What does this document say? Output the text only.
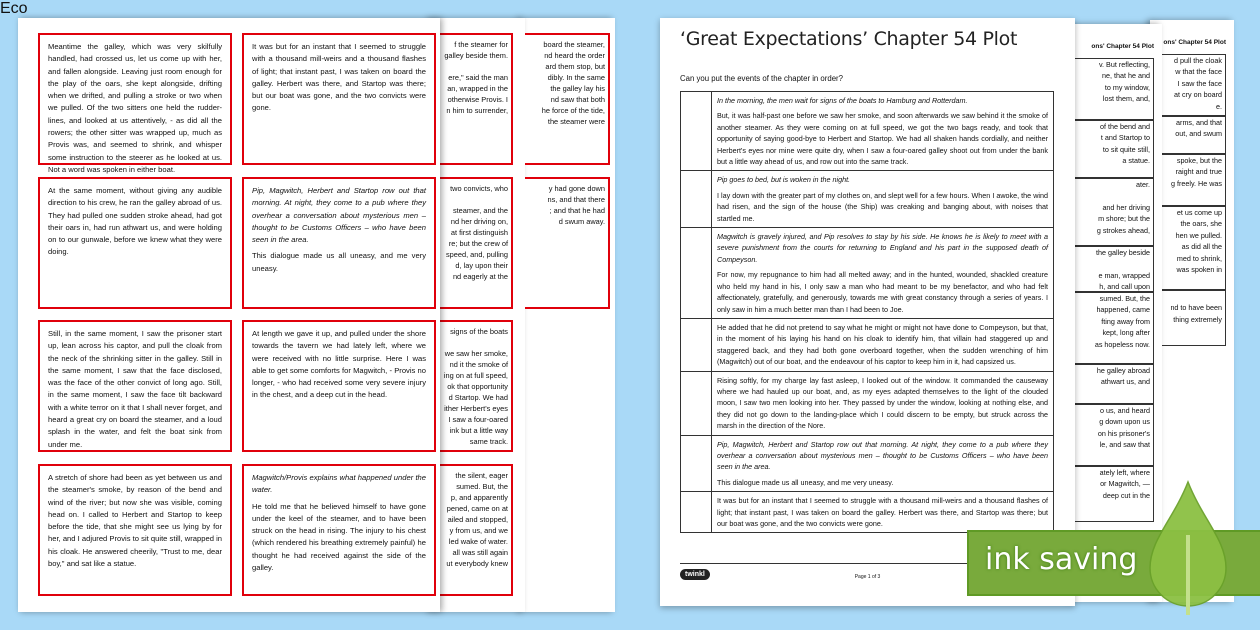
board the steamer,
nd heard the order
ard them stop, but
dibly. In the same
the galley lay his
nd saw that both
he force of the tide,
the steamer were
y had gone down
ns, and that there
; and that he had
d swum away.
f the steamer for
galley beside them.

ere," said the man
an, wrapped in the
otherwise Provis. I
n him to surrender,
two convicts, who

steamer, and the
nd her driving on,
at first distinguish
re; but the crew of
speed, and, pulling
d, lay upon their
nd eagerly at the
signs of the boats

we saw her smoke,
nd it the smoke of
ing on at full speed,
ok that opportunity
d Startop. We had
ither Herbert's eyes
I saw a four-oared
ink but a little way
same track.
the silent, eager
sumed. But, the
p, and apparently
pened, came on at
ailed and stopped,
y from us, and we
led wake of water.
all was still again
ut everybody knew

Meantime the galley, which was very skilfully handled, had crossed us, let us come up with her, and fallen alongside. Leaving just room enough for the play of the oars, she kept alongside, drifting when we drifted, and pulling a stroke or two when we pulled. Of the two sitters one held the rudder-lines, and looked at us attentively, - as did all the rowers; the other sitter was wrapped up, much as Provis was, and seemed to shrink, and whisper some instruction to the steerer as he looked at us. Not a word was spoken in either boat.

It was but for an instant that I seemed to struggle with a thousand mill-weirs and a thousand flashes of light; that instant past, I was taken on board the galley. Herbert was there, and Startop was there; but our boat was gone, and the two convicts were gone.

At the same moment, without giving any audible direction to his crew, he ran the galley abroad of us. They had pulled one sudden stroke ahead, had got their oars in, had run athwart us, and were holding on to our gunwale, before we knew what they were doing.

Pip, Magwitch, Herbert and Startop row out that morning. At night, they come to a pub where they overhear a conversation about mysterious men – thought to be Customs Officers – who have been seen in the area.

This dialogue made us all uneasy, and me very uneasy.

Still, in the same moment, I saw the prisoner start up, lean across his captor, and pull the cloak from the neck of the shrinking sitter in the galley. Still in the same moment, I saw that the face disclosed, was the face of the other convict of long ago. Still, in the same moment, I saw the face tilt backward with a white terror on it that I shall never forget, and heard a great cry on board the steamer, and a loud splash in the water, and felt the boat sink from under me.

At length we gave it up, and pulled under the shore towards the tavern we had lately left, where we were received with no little surprise. Here I was able to get some comforts for Magwitch, - Provis no longer, - who had received some very severe injury in the chest, and a deep cut in the head.

A stretch of shore had been as yet between us and the steamer's smoke, by reason of the bend and wind of the river; but now she was visible, coming head on. I called to Herbert and Startop to keep before the tide, that she might see us lying by for her, and I adjured Provis to sit quite still, wrapped in his cloak. He answered cheerily, "Trust to me, dear boy," and sat like a statue.

Magwitch/Provis explains what happened under the water.

He told me that he believed himself to have gone under the keel of the steamer, and to have been struck on the head in rising. The injury to his chest (which rendered his breathing extremely painful) he thought he had received against the side of the galley.

ons' Chapter 54 Plot
d pull the cloak
w that the face
I saw the face
at cry on board
e.
arms, and that
out, and swum
spoke, but the
raight and true
g freely. He was
et us come up
the oars, she
hen we pulled.
as did all the
med to shrink,
was spoken in

nd to have been
thing extremely
ons' Chapter 54 Plot
v. But reflecting,
ne, that he and
to my window,
lost them, and,
of the bend and
t and Startop to
to sit quite still,
a statue.
ater.

and her driving
m shore; but the
g strokes ahead,
the galley beside

e man, wrapped
h, and call upon
sumed. But, the
happened, came
fting away from
kept, long after
as hopeless now.
he galley abroad
athwart us, and
o us, and heard
g down upon us
on his prisoner's
le, and saw that
ately left, where
or Magwitch, —
deep cut in the
‘Great Expectations’ Chapter 54 Plot
Can you put the events of the chapter in order?

	In the morning, the men wait for signs of the boats to Hamburg and Rotterdam.

But, it was half-past one before we saw her smoke, and soon afterwards we saw behind it the smoke of another steamer. As they were coming on at full speed, we got the two bags ready, and took that opportunity of saying good-bye to Herbert and Startop. We had all shaken hands cordially, and neither Herbert's eyes nor mine were quite dry, when I saw a four-oared galley shoot out from under the bank but a little way ahead of us, and row out into the same track.

	Pip goes to bed, but is woken in the night.

I lay down with the greater part of my clothes on, and slept well for a few hours. When I awoke, the wind had risen, and the sign of the house (the Ship) was creaking and banging about, with noises that startled me.

	Magwitch is gravely injured, and Pip resolves to stay by his side. He knows he is likely to meet with a severe punishment from the courts for returning to England and his part in the supposed death of Compeyson.

For now, my repugnance to him had all melted away; and in the hunted, wounded, shackled creature who held my hand in his, I only saw a man who had meant to be my benefactor, and who had felt affectionately, gratefully, and generously, towards me with great constancy through a series of years. I only saw in him a much better man than I had been to Joe.

	He added that he did not pretend to say what he might or might not have done to Compeyson, but that, in the moment of his laying his hand on his cloak to identify him, that villain had staggered up and staggered back, and they had both gone overboard together, when the sudden wrenching of him (Magwitch) out of our boat, and the endeavour of his captor to keep him in it, had capsized us.

	Rising softly, for my charge lay fast asleep, I looked out of the window. It commanded the causeway where we had hauled up our boat, and, as my eyes adapted themselves to the light of the clouded moon, I saw two men looking into her. They passed by under the window, looking at nothing else, and they did not go down to the landing-place which I could discern to be empty, but struck across the marsh in the direction of the Nore.

	Pip, Magwitch, Herbert and Startop row out that morning. At night, they come to a pub where they overhear a conversation about mysterious men – thought to be Customs Officers – who have been seen in the area.

This dialogue made us all uneasy, and me very uneasy.

	It was but for an instant that I seemed to struggle with a thousand mill-weirs and a thousand flashes of light; that instant past, I was taken on board the galley. Herbert was there, and Startop was there; but our boat was gone, and the two convicts were gone.

twinkl	Page 1 of 3	ink saving
Eco
